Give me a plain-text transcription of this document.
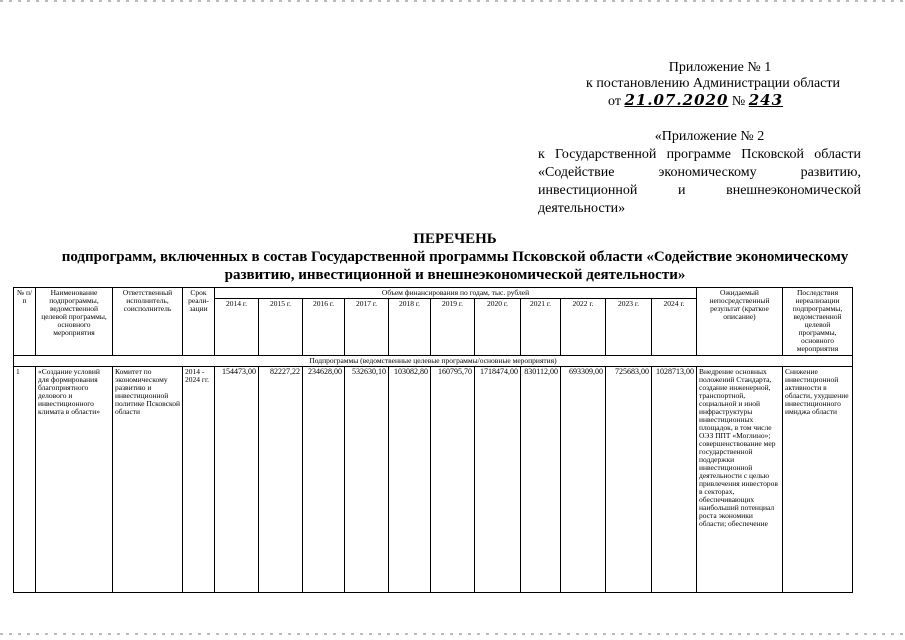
Приложение № 1
к постановлению Администрации области
от 21.07.2020 № 243
«Приложение № 2
к Государственной программе Псковской области «Содействие экономическому развитию, инвестиционной и внешнеэкономической деятельности»
ПЕРЕЧЕНЬ
подпрограмм, включенных в состав Государственной программы Псковской области «Содействие экономическому развитию, инвестиционной и внешнеэкономической деятельности»
№ п/п	Наименование подпрограммы, ведомственной целевой программы, основного мероприятия	Ответственный исполнитель, соисполнитель	Срок реали-зации	Объем финансирования по годам, тыс. рублей											Ожидаемый непосредственный результат (краткое описание)	Последствия нереализации подпрограммы, ведомственной целевой программы, основного мероприятия
				2014 г.	2015 г.	2016 г.	2017 г.	2018 г.	2019 г.	2020 г.	2021 г.	2022 г.	2023 г.	2024 г.		
Подпрограммы (ведомственные целевые программы/основные мероприятия)																
1	«Создание условий для формирования благоприятного делового и инвестиционного климата в области»	Комитет по экономическому развитию и инвестиционной политике Псковской области	2014 - 2024 гг.	154473,00	82227,22	234628,00	532630,10	103082,80	160795,70	1718474,00	830112,00	693309,00	725683,00	1028713,00	Внедрение основных положений Стандарта, создание инженерной, транспортной, социальной и иной инфраструктуры инвестиционных площадок, в том числе ОЭЗ ППТ «Моглино»; совершенствование мер государственной поддержки инвестиционной деятельности с целью привлечения инвесторов в секторах, обеспечивающих наибольший потенциал роста экономики области; обеспечение	Снижение инвестиционной активности в области, ухудшение инвестиционного имиджа области
